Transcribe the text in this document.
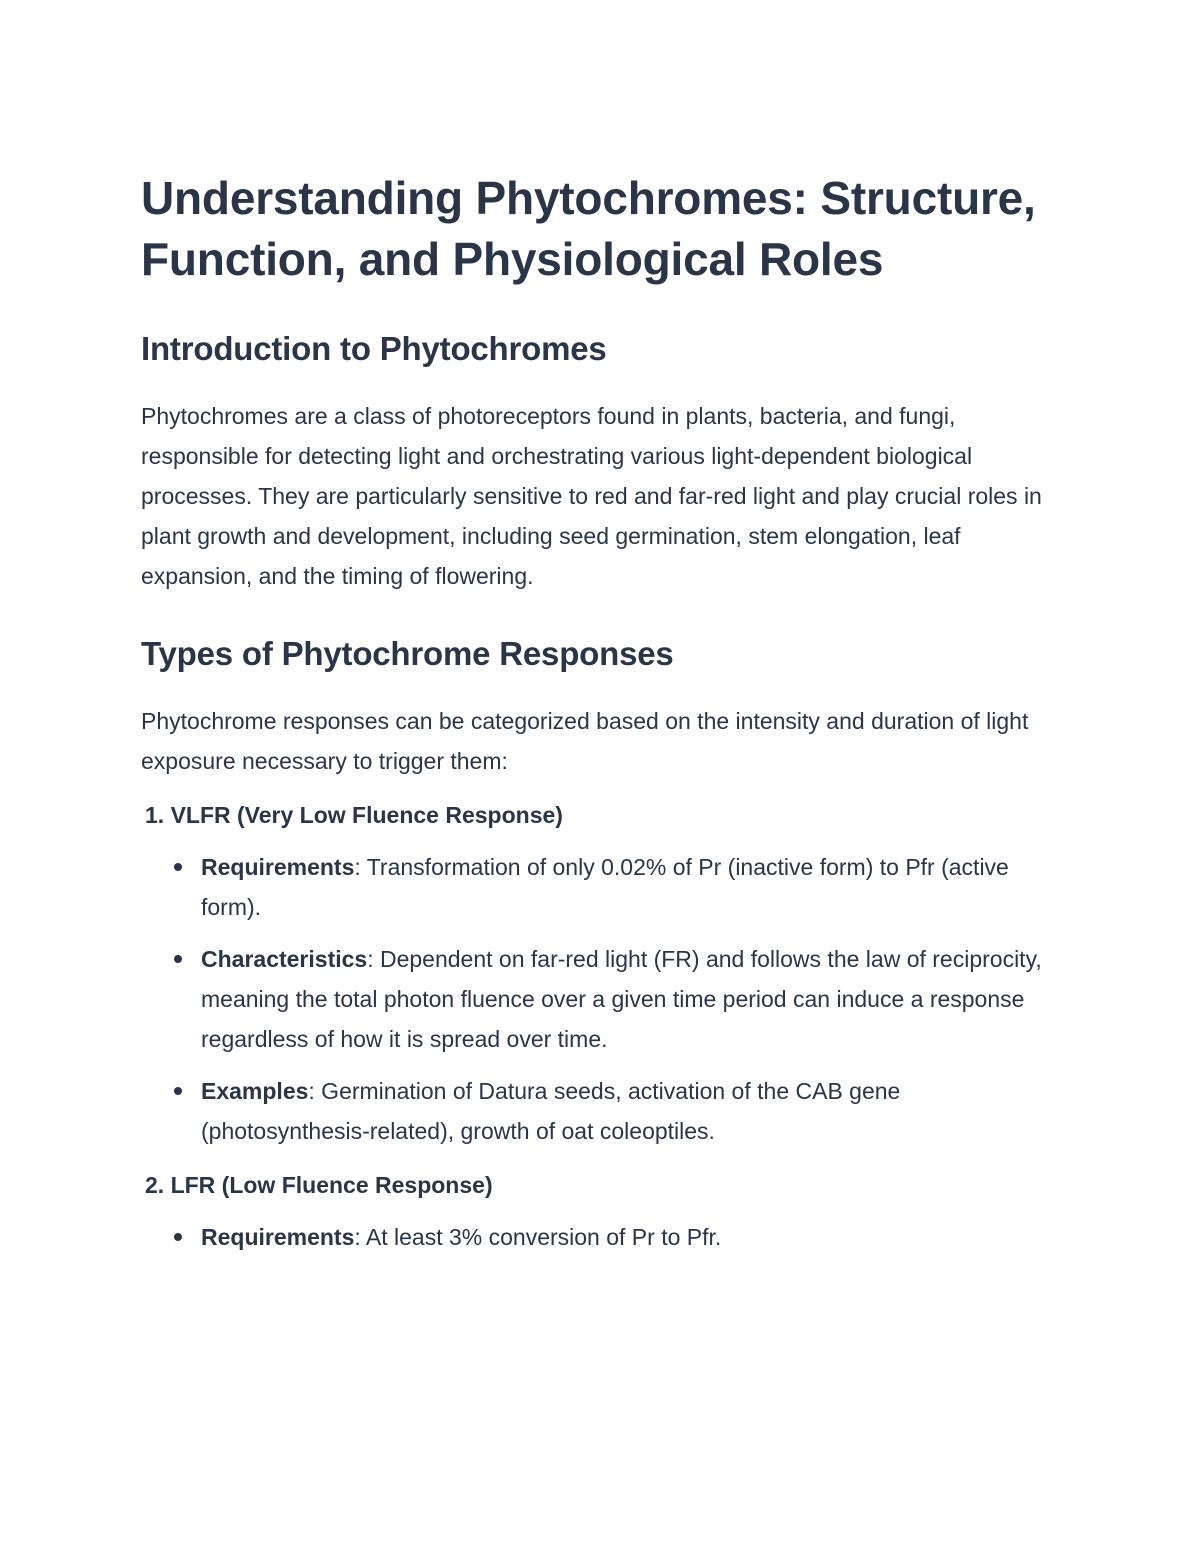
Understanding Phytochromes: Structure, Function, and Physiological Roles
Introduction to Phytochromes

Phytochromes are a class of photoreceptors found in plants, bacteria, and fungi, responsible for detecting light and orchestrating various light-dependent biological processes. They are particularly sensitive to red and far-red light and play crucial roles in plant growth and development, including seed germination, stem elongation, leaf expansion, and the timing of flowering.

Types of Phytochrome Responses

Phytochrome responses can be categorized based on the intensity and duration of light exposure necessary to trigger them:

1. VLFR (Very Low Fluence Response)
Requirements: Transformation of only 0.02% of Pr (inactive form) to Pfr (active form).
Characteristics: Dependent on far-red light (FR) and follows the law of reciprocity, meaning the total photon fluence over a given time period can induce a response regardless of how it is spread over time.
Examples: Germination of Datura seeds, activation of the CAB gene (photosynthesis-related), growth of oat coleoptiles.
2. LFR (Low Fluence Response)
Requirements: At least 3% conversion of Pr to Pfr.
